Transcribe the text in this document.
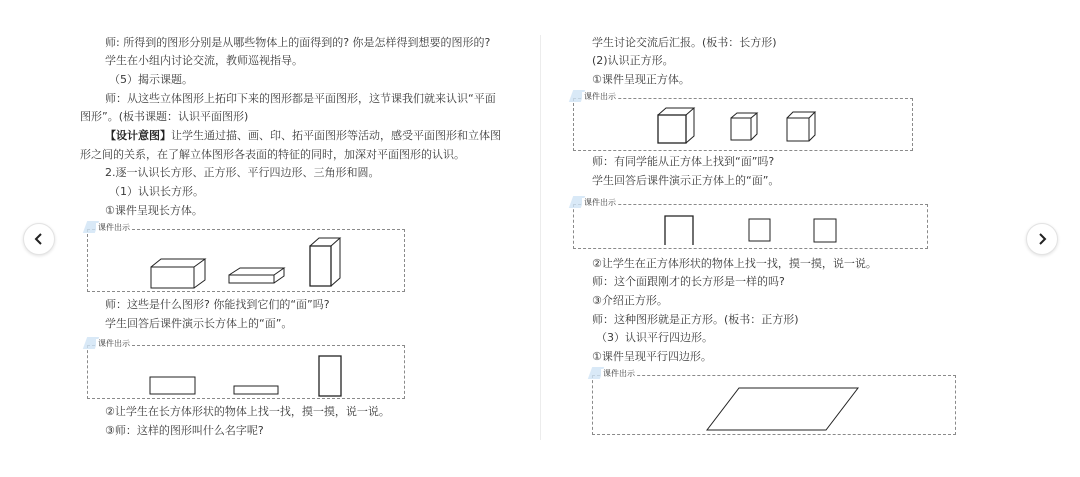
师: 所得到的图形分别是从哪些物体上的面得到的? 你是怎样得到想要的图形的?
学生在小组内讨论交流，教师巡视指导。
（5）揭示课题。
师：从这些立体图形上拓印下来的图形都是平面图形，这节课我们就来认识“平面
图形”。(板书课题：认识平面图形)
【设计意图】 让学生通过描、画、印、拓平面图形等活动，感受平面图形和立体图
形之间的关系，在了解立体图形各表面的特征的同时，加深对平面图形的认识。
2.逐一认识长方形、正方形、平行四边形、三角形和圆。
（1）认识长方形。
①课件呈现长方体。
课件出示
师：这些是什么图形? 你能找到它们的“面”吗?
学生回答后课件演示长方体上的“面”。
课件出示
②让学生在长方体形状的物体上找一找，摸一摸，说一说。
③师：这样的图形叫什么名字呢?
学生讨论交流后汇报。(板书：长方形)
(2)认识正方形。
①课件呈现正方体。
课件出示
师：有同学能从正方体上找到“面”吗?
学生回答后课件演示正方体上的“面”。
课件出示
②让学生在正方体形状的物体上找一找，摸一摸，说一说。
师：这个面跟刚才的长方形是一样的吗?
③介绍正方形。
师：这种图形就是正方形。(板书：正方形)
（3）认识平行四边形。
①课件呈现平行四边形。
课件出示
